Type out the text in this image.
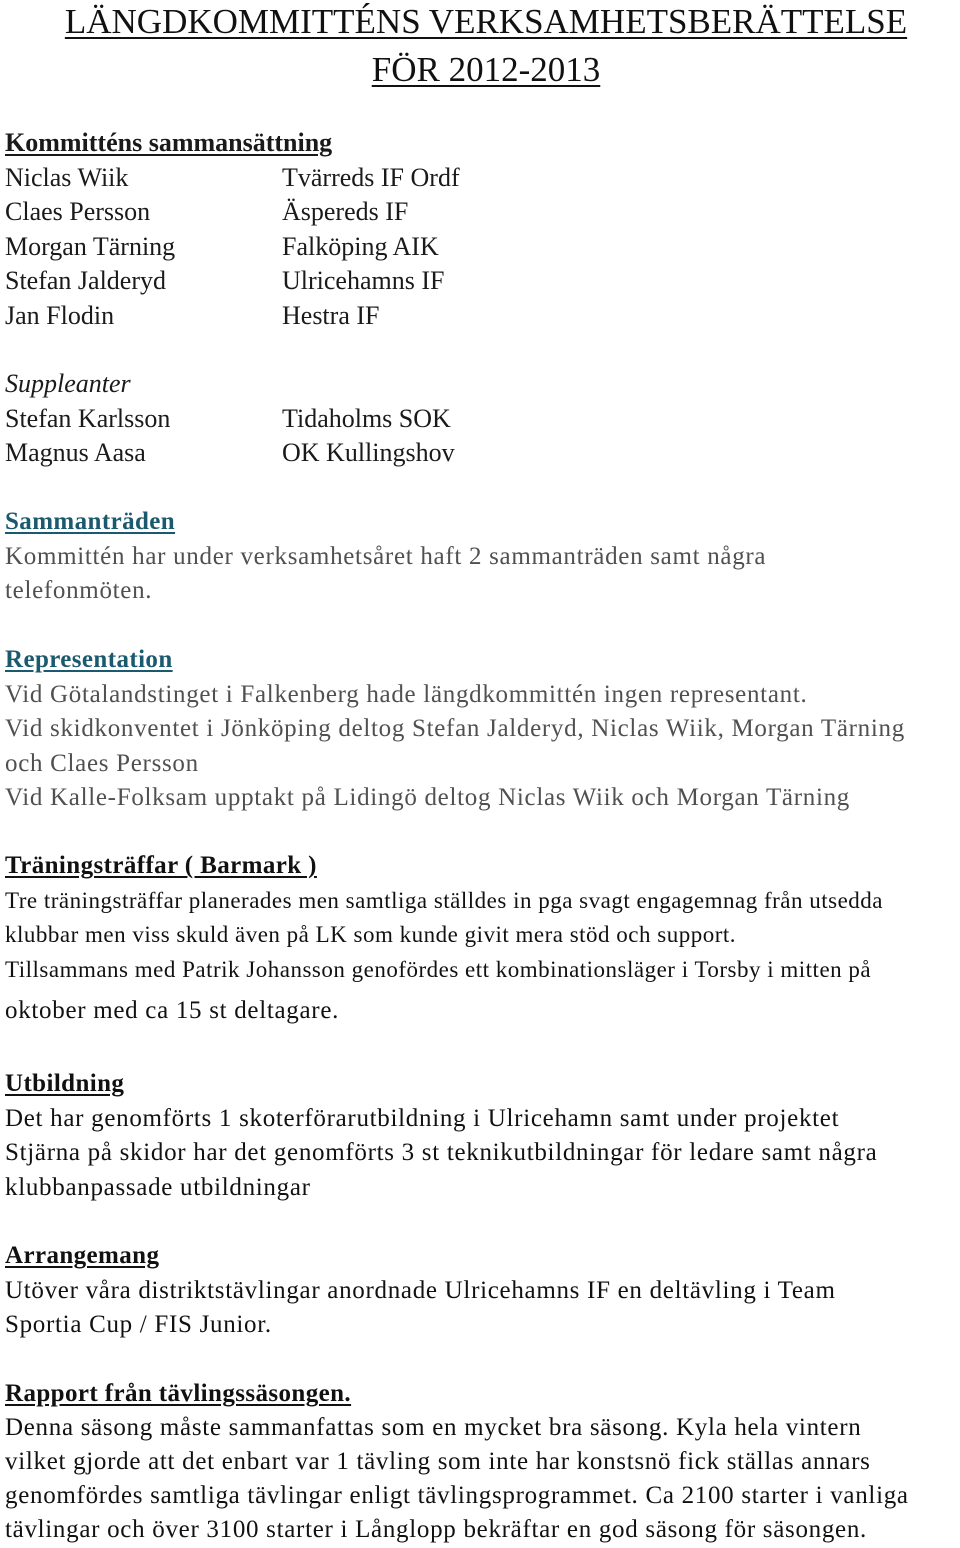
LÄNGDKOMMITTÉNS VERKSAMHETSBERÄTTELSE
FÖR 2012-2013
Kommitténs sammansättning
Niclas Wiik	Tvärreds IF Ordf
Claes Persson	Äspereds IF
Morgan Tärning	Falköping AIK
Stefan Jalderyd	Ulricehamns IF
Jan Flodin	Hestra IF
Suppleanter
Stefan Karlsson	Tidaholms SOK
Magnus Aasa	OK Kullingshov
Sammanträden
Kommittén har under verksamhetsåret haft 2 sammanträden samt några
telefonmöten.
Representation
Vid Götalandstinget i Falkenberg hade längdkommittén ingen representant.
Vid skidkonventet i Jönköping deltog Stefan Jalderyd, Niclas Wiik, Morgan Tärning
och Claes Persson
Vid Kalle-Folksam upptakt på Lidingö deltog Niclas Wiik och Morgan Tärning
Träningsträffar ( Barmark )
Tre träningsträffar planerades men samtliga ställdes in pga svagt engagemnag från utsedda
klubbar men viss skuld även på LK som kunde givit mera stöd och support.
Tillsammans med Patrik Johansson genofördes ett kombinationsläger i Torsby i mitten på
oktober med ca 15 st deltagare.
Utbildning
Det har genomförts 1 skoterförarutbildning i Ulricehamn samt under projektet
Stjärna på skidor har det genomförts 3 st teknikutbildningar för ledare samt några
klubbanpassade utbildningar
Arrangemang
Utöver våra distriktstävlingar anordnade Ulricehamns IF en deltävling i Team
Sportia Cup / FIS Junior.
Rapport från tävlingssäsongen.
Denna säsong måste sammanfattas som en mycket bra säsong. Kyla hela vintern
vilket gjorde att det enbart var 1 tävling som inte har konstsnö fick ställas annars
genomfördes samtliga tävlingar enligt tävlingsprogrammet. Ca 2100 starter i vanliga
tävlingar och över 3100 starter i Långlopp bekräftar en god säsong för säsongen.
